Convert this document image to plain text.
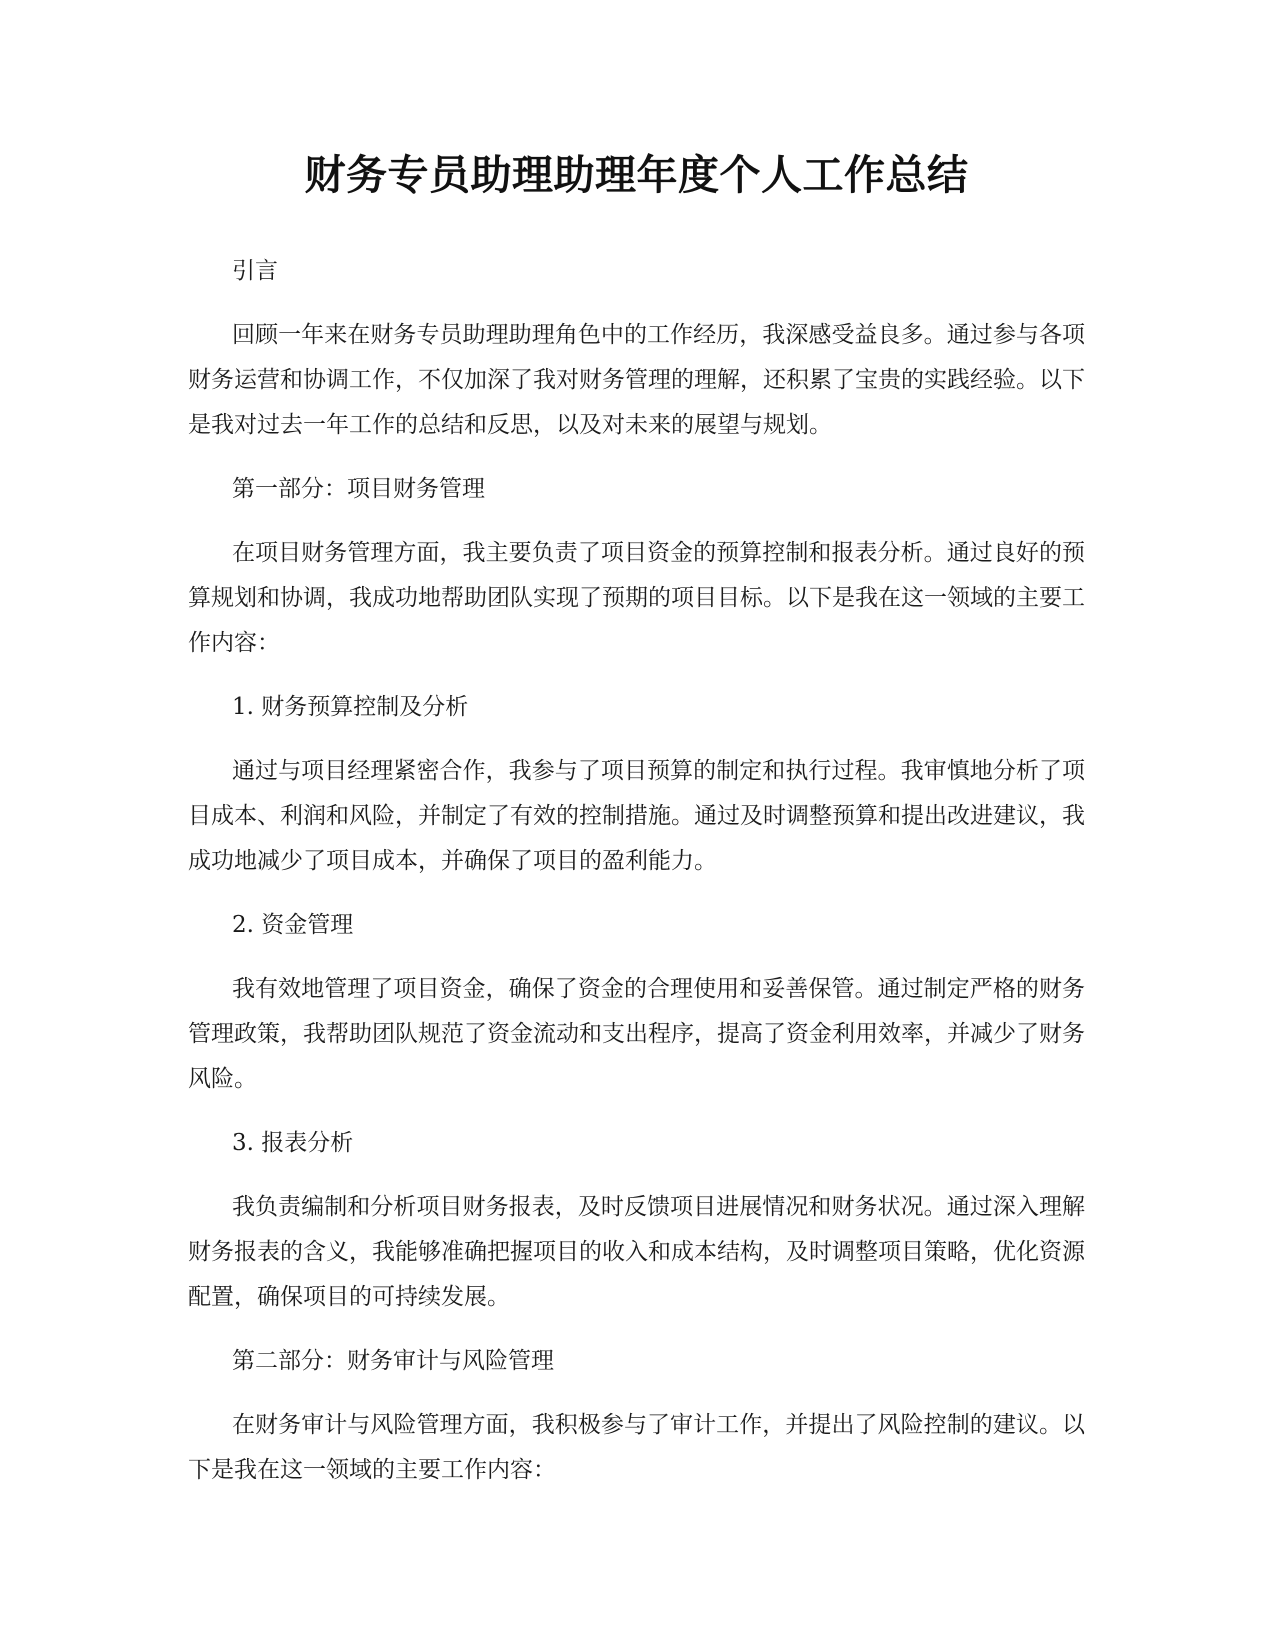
财务专员助理助理年度个人工作总结

引言

回顾一年来在财务专员助理助理角色中的工作经历，我深感受益良多。通过参与各项财务运营和协调工作，不仅加深了我对财务管理的理解，还积累了宝贵的实践经验。以下是我对过去一年工作的总结和反思，以及对未来的展望与规划。

第一部分：项目财务管理

在项目财务管理方面，我主要负责了项目资金的预算控制和报表分析。通过良好的预算规划和协调，我成功地帮助团队实现了预期的项目目标。以下是我在这一领域的主要工作内容：

1. 财务预算控制及分析

通过与项目经理紧密合作，我参与了项目预算的制定和执行过程。我审慎地分析了项目成本、利润和风险，并制定了有效的控制措施。通过及时调整预算和提出改进建议，我成功地减少了项目成本，并确保了项目的盈利能力。

2. 资金管理

我有效地管理了项目资金，确保了资金的合理使用和妥善保管。通过制定严格的财务管理政策，我帮助团队规范了资金流动和支出程序，提高了资金利用效率，并减少了财务风险。

3. 报表分析

我负责编制和分析项目财务报表，及时反馈项目进展情况和财务状况。通过深入理解财务报表的含义，我能够准确把握项目的收入和成本结构，及时调整项目策略，优化资源配置，确保项目的可持续发展。

第二部分：财务审计与风险管理

在财务审计与风险管理方面，我积极参与了审计工作，并提出了风险控制的建议。以下是我在这一领域的主要工作内容：
